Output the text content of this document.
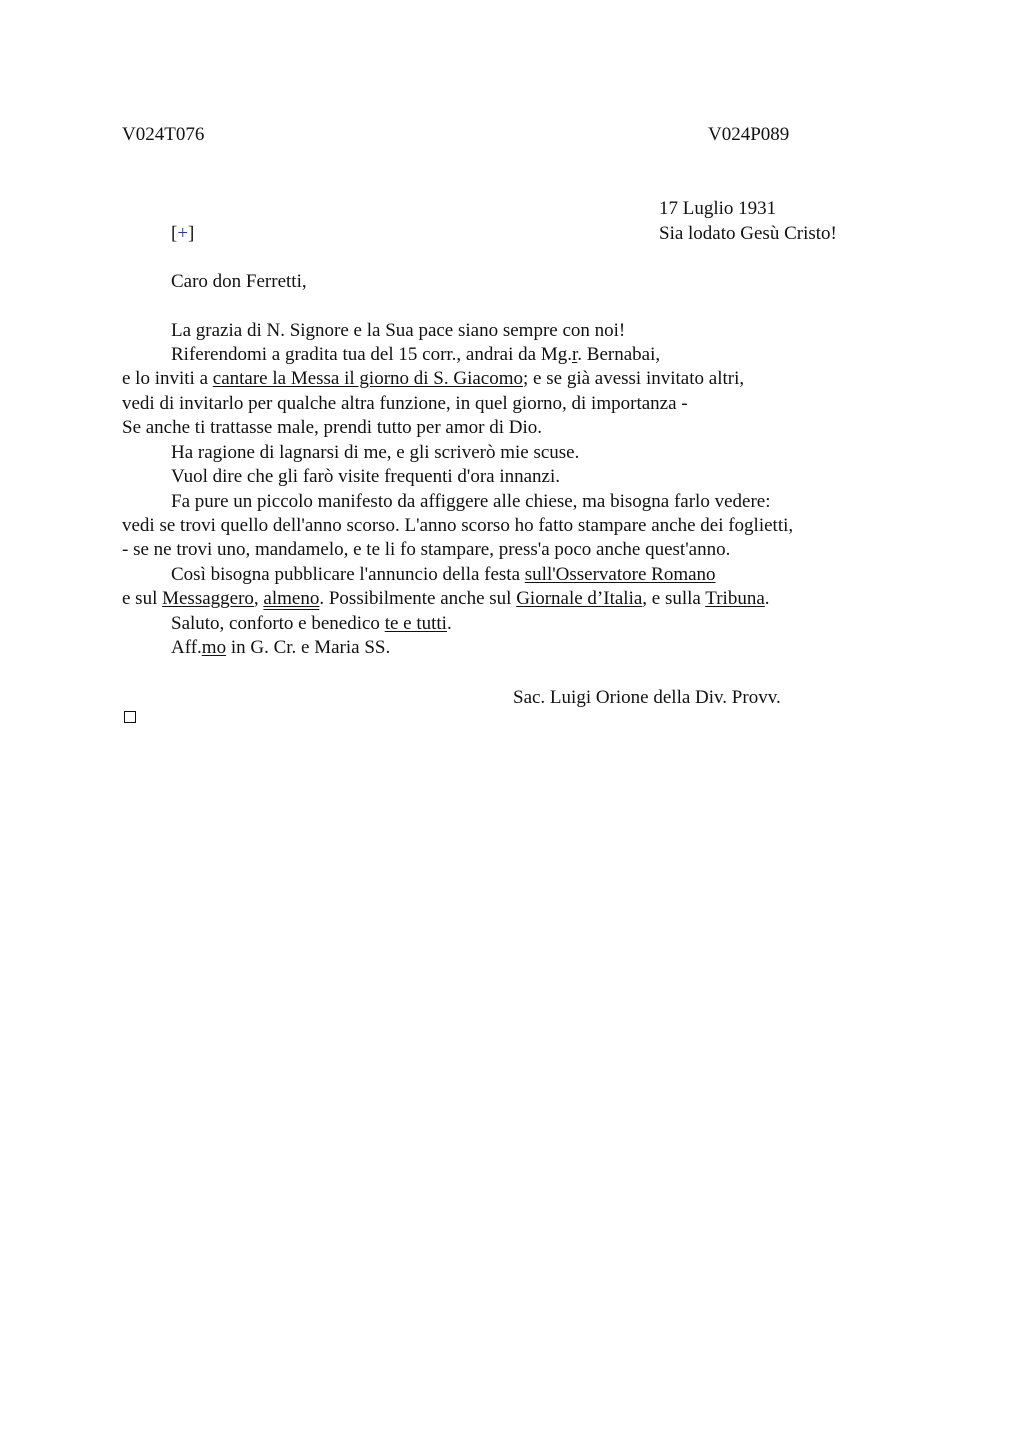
V024T076	V024P089
17 Luglio 1931
Sia lodato Gesù Cristo!
[+]
Caro don Ferretti,
La grazia di N. Signore e la Sua pace siano sempre con noi!
Riferendomi a gradita tua del 15 corr., andrai da Mg.r. Bernabai,
e lo inviti a cantare la Messa il giorno di S. Giacomo; e se già avessi invitato altri,
vedi di invitarlo per qualche altra funzione, in quel giorno, di importanza -
Se anche ti trattasse male, prendi tutto per amor di Dio.
Ha ragione di lagnarsi di me, e gli scriverò mie scuse.
Vuol dire che gli farò visite frequenti d'ora innanzi.
Fa pure un piccolo manifesto da affiggere alle chiese, ma bisogna farlo vedere:
vedi se trovi quello dell'anno scorso. L'anno scorso ho fatto stampare anche dei foglietti,
- se ne trovi uno, mandamelo, e te li fo stampare, press'a poco anche quest'anno.
Così bisogna pubblicare l'annuncio della festa sull'Osservatore Romano
e sul Messaggero, almeno. Possibilmente anche sul Giornale d’Italia, e sulla Tribuna.
Saluto, conforto e benedico te e tutti.
Aff.mo in G. Cr. e Maria SS.
Sac. Luigi Orione della Div. Provv.
